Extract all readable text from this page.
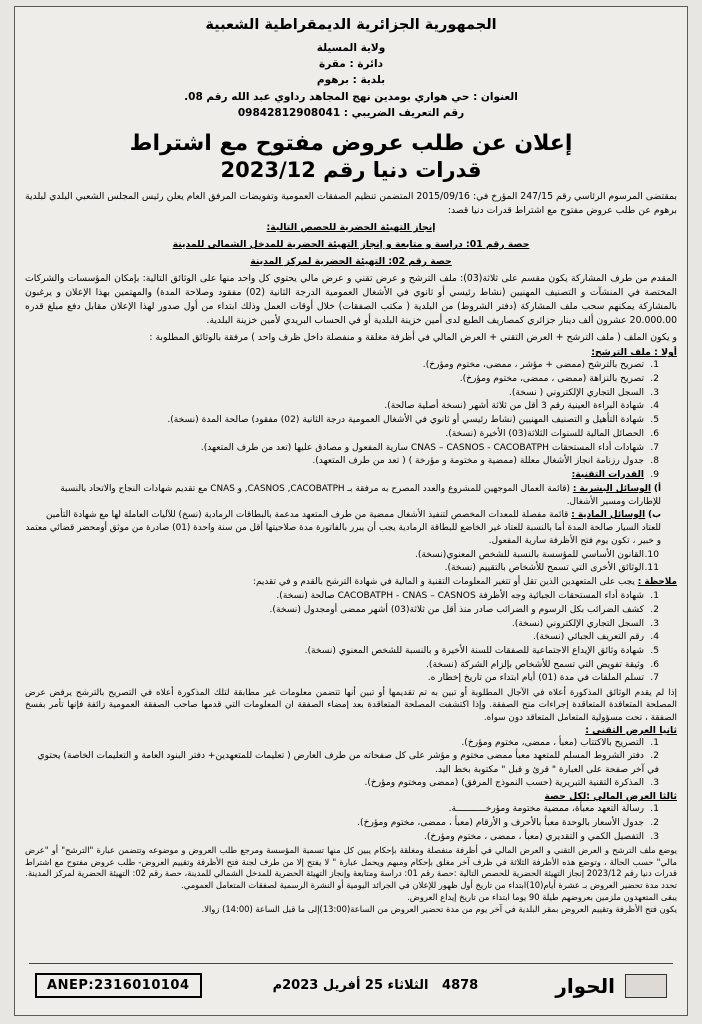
الجمهورية الجزائرية الديمقراطية الشعبية
ولاية المسيلة
دائرة : مقرة
بلدية : برهوم
العنوان : حي هواري بومدين نهج المجاهد رداوي عبد الله رقم 08.
رقم التعريف الضريبي : 09842812908041
إعلان عن طلب عروض مفتوح مع اشتراط
قدرات دنيا رقم 2023/12
بمقتضى المرسوم الرئاسي رقم 247/15 المؤرخ في: 2015/09/16 المتضمن تنظيم الصفقات العمومية وتفويضات المرفق العام يعلن رئيس المجلس الشعبي البلدي لبلدية برهوم عن طلب عروض مفتوح مع اشتراط قدرات دنيا قصد:
إنجاز التهيئة الحضرية للحصص التالية:
حصة رقم 01: دراسة و متابعة و إنجاز التهيئة الحضرية للمدخل الشمالي للمدينة
حصة رقم 02: التهيئة الحضرية لمركز المدينة
المقدم من طرف المشاركة يكون مقسم على ثلاثة(03): ملف الترشح و عرض تقني و عرض مالي يحتوي كل واحد منها على الوثائق التالية: بإمكان المؤسسات والشركات المختصة في المنشآت و التصنيف المهنيين (نشاط رئيسي أو ثانوي في الأشغال العمومية الدرجة الثانية (02) مفقود وصلاحة المدة) والمهتمين بهذا الإعلان و يرغبون بالمشاركة يمكنهم سحب ملف المشاركة (دفتر الشروط) من البلدية ( مكتب الصفقات) خلال أوقات العمل وذلك ابتداء من أول صدور لهذا الإعلان مقابل دفع مبلغ قدره 20.000.00 عشرون ألف دينار جزائري كمصاريف الطبع لدى أمين خزينة البلدية أو في الحساب البريدي لأمين خزينة البلدية.
و يكون الملف ( ملف الترشح + العرض التقني + العرض المالي في أظرفة مغلقة و منفصلة داخل ظرف واحد ) مرفقة بالوثائق المطلوبة :
أولا : ملف الترشح:
1.تصريح بالترشح (ممضى + مؤشر ، ممضى، مختوم ومؤرخ).
2.تصريح بالنزاهة (ممضى ، ممضى، مختوم ومؤرخ).
3.السجل التجاري الإلكتروني ( نسخة).
4.شهادة البراءة العينية رقم 3 أقل من ثلاثة أشهر (نسخة أصلية صالحة).
5.شهادة التأهيل و التصنيف المهنيين (نشاط رئيسي أو ثانوي في الأشغال العمومية درجة الثانية (02) مفقود) صالحة المدة (نسخة).
6.الحصائل المالية للسنوات الثلاثة(03) الأخيرة (نسخة).
7.شهادات أداء المستحقات CNAS – CASNOS - CACOBATPH سارية المفعول و مصادق عليها (تعد من طرف المتعهد).
8.جدول رزنامة انجاز الأشغال معللة (ممضية و مختومة و مؤرخة ) ( تعد من طرف المتعهد).
9.القدرات التقنية:
أ) الوسائل البشرية : (قائمة العمال الموجهين للمشروع والعدد المصرح به مرفقة بـ CASNOS ,CACOBATPH, و CNAS مع تقديم شهادات النجاح والاتحاد بالنسبة للإطارات ومسير الأشغال.
ب) الوسائل المادية : قائمة مفصلة للمعدات المخصص لتنفيذ الأشغال ممضية من طرف المتعهد مدعمة بالبطاقات الرمادية (نسخ) للآليات العاملة لها مع شهادة التأمين للعتاد السيار صالحة المدة أما بالنسبة للعتاد غير الخاضع للبطاقة الرمادية يجب أن يبرر بالفاتورة مدة صلاحيتها أقل من سنة واحدة (01) صادرة من موثق أومحضر قضائي معتمد و خبير ، تكون يوم فتح الأظرفة سارية المفعول.
10.القانون الأساسي للمؤسسة بالنسبة للشخص المعنوي(نسخة).
11.الوثائق الأخرى التي تسمح للأشخاص بالتقييم (نسخة).
ملاحظة : يجب على المتعهدين الذين تقل أو تتغير المعلومات التقنية و المالية في شهادة الترشح بالقدم و في تقديم:
1.شهادة أداء المستحقات الجبائية وجه الأظرفة CACOBATPH - CNAS – CASNOS صالحة (نسخة).
2.كشف الضرائب بكل الرسوم و الضرائب صادر منذ أقل من ثلاثة(03) أشهر ممضى أومجدول (نسخة).
3.السجل التجاري الإلكتروني (نسخة).
4.رقم التعريف الجبائي (نسخة).
5.شهادة وثائق الإيداع الاجتماعية للصفقات للسنة الأخيرة و بالنسبة للشخص المعنوي (نسخة).
6.وثيقة تفويض التي تسمح للأشخاص بإلزام الشركة (نسخة).
7.تسلم الملفات في مدة (01) أيام ابتداء من تاريخ إخطار ه.
إذا لم يقدم الوثائق المذكورة أعلاه في الآجال المطلوبة أو تبين به تم تقديمها أو تبين أنها تتضمن معلومات غير مطابقة لتلك المذكورة أعلاه في التصريح بالترشح يرفض عرض المصلحة المتعاقدة المتعاقدة إجراءات منح الصفقة. وإذا اكتشفت المصلحة المتعاقدة بعد إمضاء الصفقة ان المعلومات التي قدمها صاحب الصفقة العمومية زائفة فإنها تأمر بفسخ الصفقة ، تحت مسؤولية المتعامل المتعاقد دون سواه.
ثانيا العرض التقني :
1.التصريح بالاكتتاب (معبأ ، ممضى، مختوم ومؤرخ).
2.دفتر الشروط المسلم للمتعهد معبأ ممضى مختوم و مؤشر على كل صفحاته من طرف العارض ( تعليمات للمتعهدين+ دفتر البنود العامة و التعليمات الخاصة) يحتوي في آخر صفحة على العبارة " قرئ و قبل " مكتوبة بخط اليد.
3.المذكرة التقنية التبريرية (حسب النموذج المرفق) (ممضى ومختوم ومؤرخ).
ثالثا العرض المالي :لكل حصة
1.رسالة التعهد معبأة، ممضية مختومة ومؤرخـــــــــــة.
2.جدول الأسعار بالوحدة معبأ بالأحرف و الأرقام (معبأ ، ممضى، مختوم ومؤرخ).
3.التفصيل الكمي و التقديري (معبأ ، ممضى ، مختوم ومؤرخ).
يوضع ملف الترشح و العرض التقني و العرض المالي في أظرفة منفصلة ومغلقة بإحكام يبين كل منها تسمية المؤسسة ومرجع طلب العروض و موضوعه وتتضمن عبارة "الترشح" أو "عرض مالي" حسب الحالة ، وتوضع هذه الأظرفة الثلاثة في ظرف آخر مغلق بإحكام ومبهم ويحمل عبارة " لا يفتح إلا من طرف لجنة فتح الأظرفة وتقييم العروض- طلب عروض مفتوح مع اشتراط قدرات دنيا رقم 2023/12 إنجاز التهيئة الحضرية للحصص التالية :حصة رقم 01: دراسة ومتابعة وإنجاز التهيئة الحضرية للمدخل الشمالي للمدينة، حصة رقم 02: التهيئة الحضرية لمركز المدينة.
تحدد مدة تحضير العروض بـ عشرة أيام(10)ابتداء من تاريخ أول ظهور للإعلان في الجرائد اليومية أو النشرة الرسمية لصفقات المتعامل العمومي.
يبقى المتعهدون ملزمين بعروضهم طيلة 90 يوما ابتداء من تاريخ إيداع العروض.
يكون فتح الأظرفة وتقييم العروض بمقر البلدية في آخر يوم من مدة تحضير العروض من الساعة(13:00)إلى ما قبل الساعة (14:00) زوالا.
الحوار
4878   الثلاثاء 25 أفريل 2023م
ANEP:2316010104
